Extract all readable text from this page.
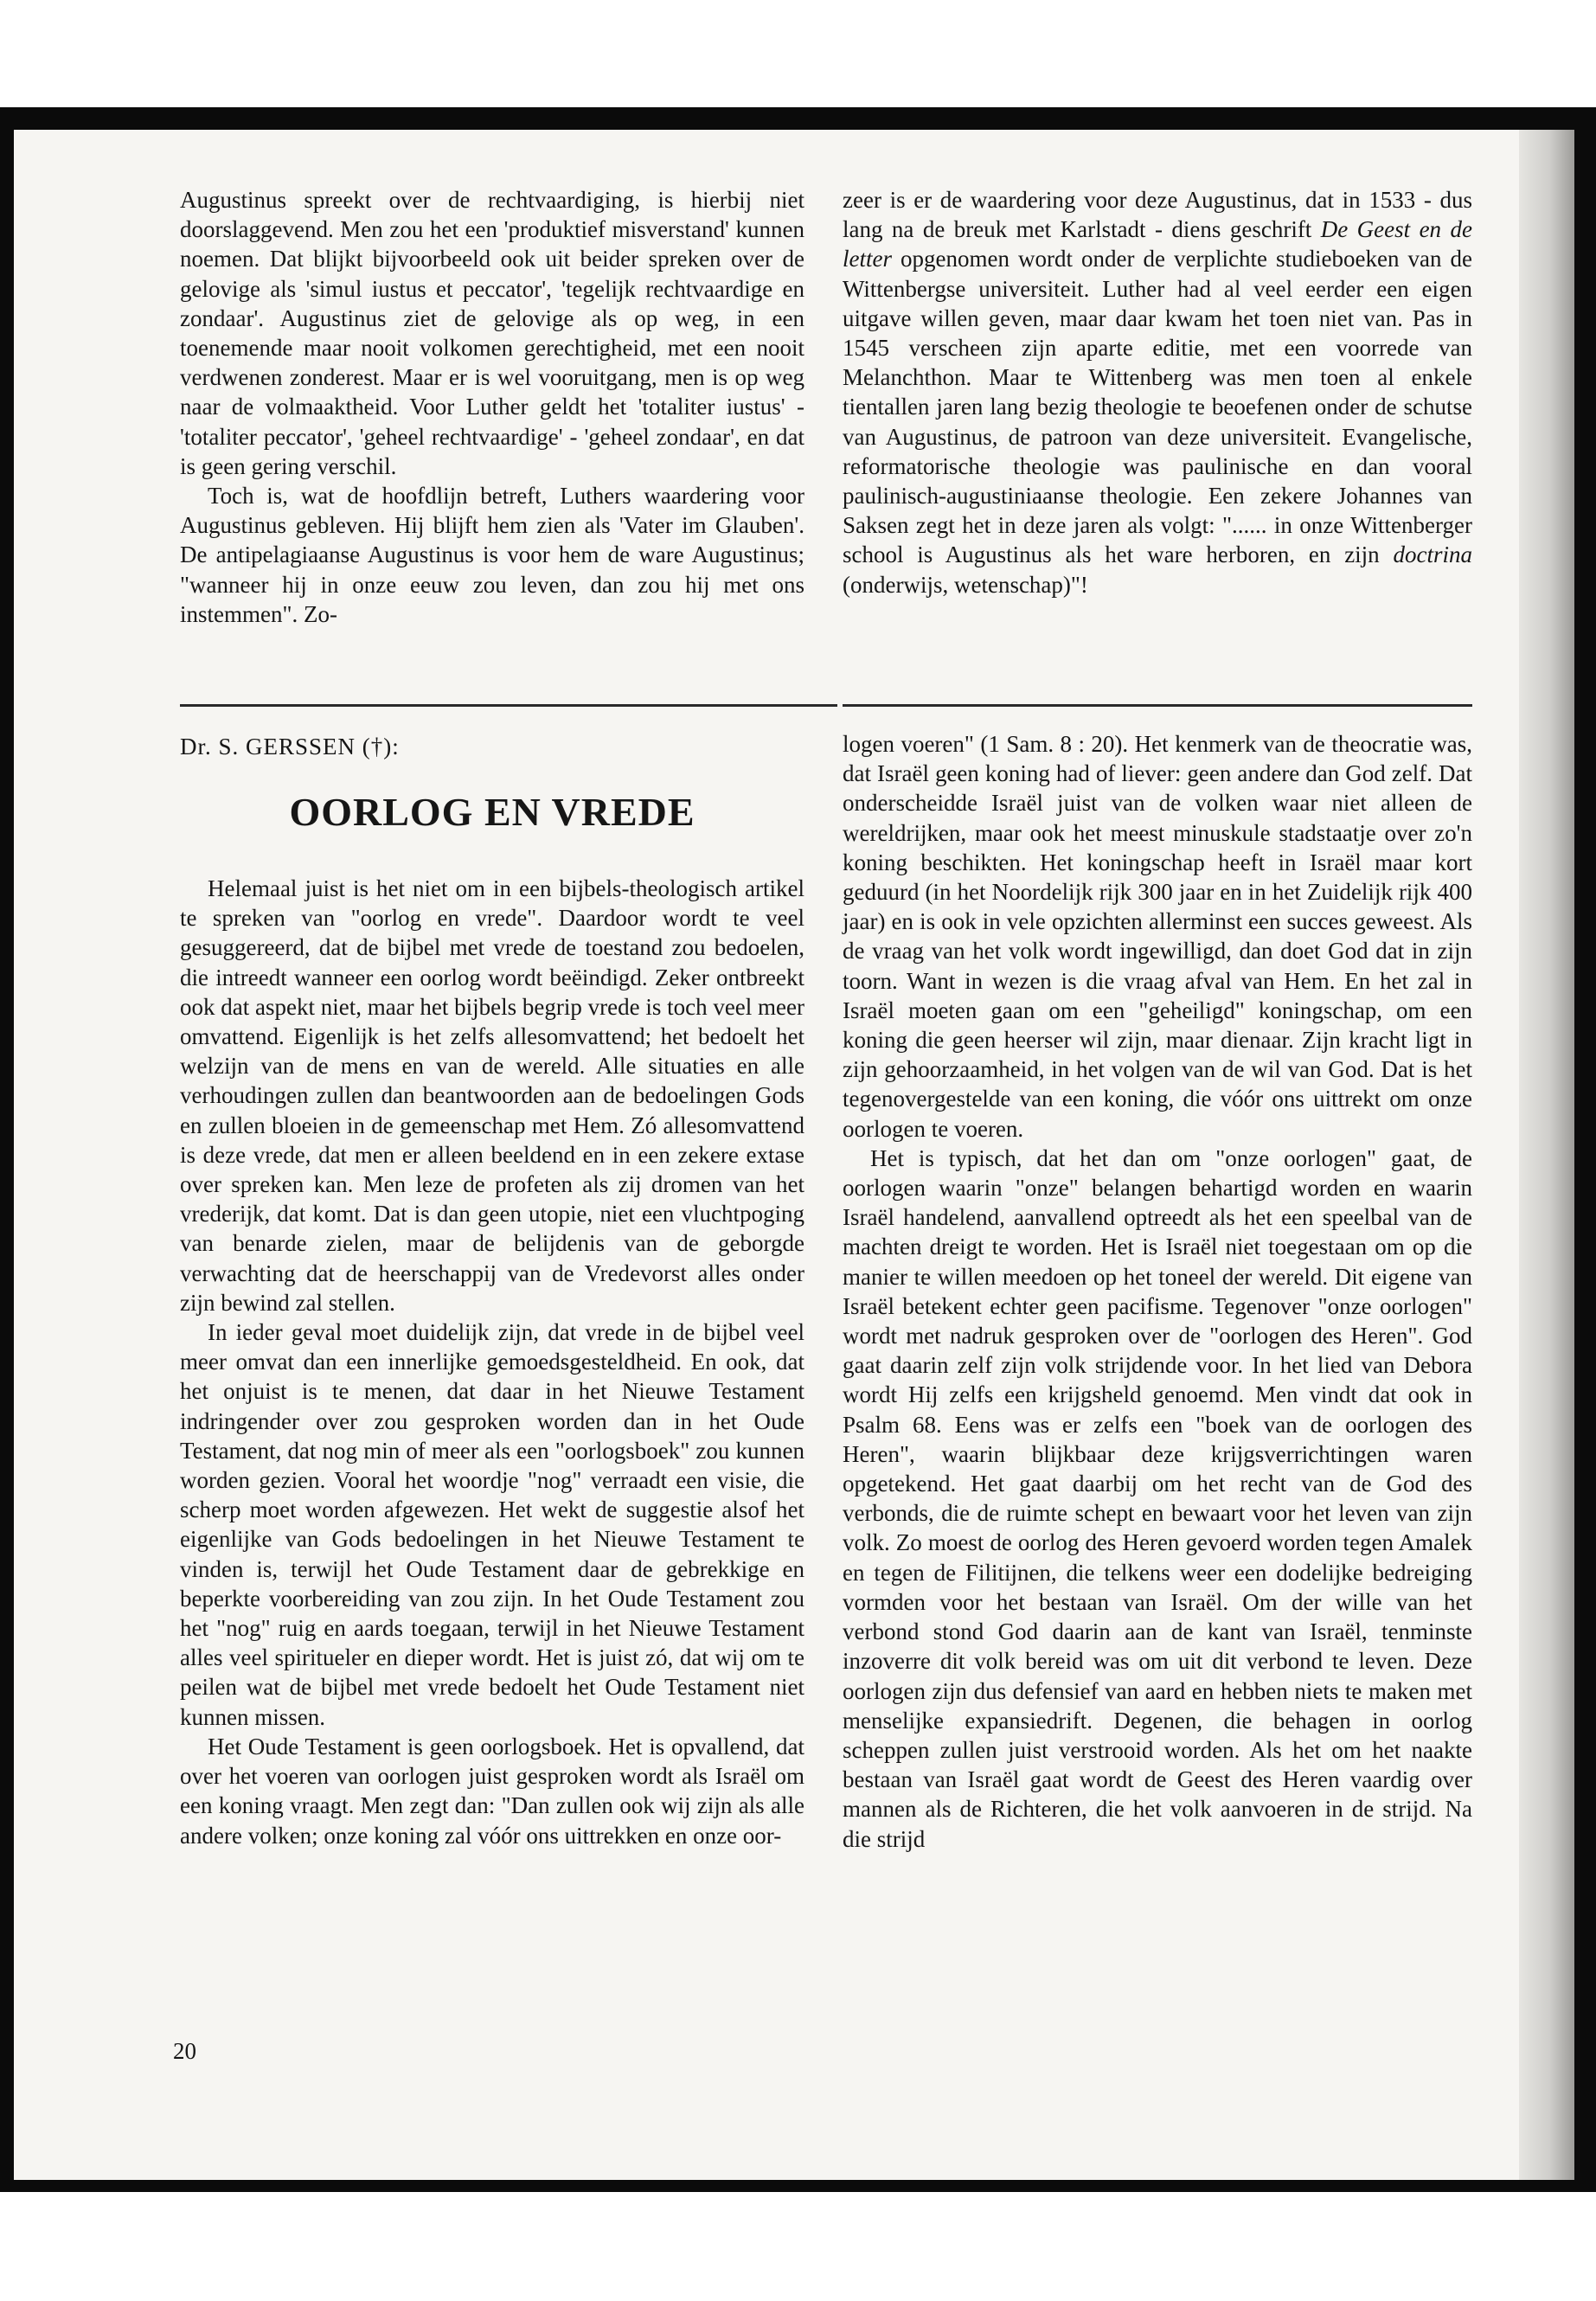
Augustinus spreekt over de rechtvaardiging, is hierbij niet doorslaggevend. Men zou het een 'produktief misverstand' kunnen noemen. Dat blijkt bijvoorbeeld ook uit beider spreken over de gelovige als 'simul iustus et peccator', 'tegelijk rechtvaardige en zondaar'. Augustinus ziet de gelovige als op weg, in een toenemende maar nooit volkomen gerechtigheid, met een nooit verdwenen zonderest. Maar er is wel vooruitgang, men is op weg naar de volmaaktheid. Voor Luther geldt het 'totaliter iustus' - 'totaliter peccator', 'geheel rechtvaardige' - 'geheel zondaar', en dat is geen gering verschil.

Toch is, wat de hoofdlijn betreft, Luthers waardering voor Augustinus gebleven. Hij blijft hem zien als 'Vater im Glauben'. De antipelagiaanse Augustinus is voor hem de ware Augustinus; "wanneer hij in onze eeuw zou leven, dan zou hij met ons instemmen". Zo-

zeer is er de waardering voor deze Augustinus, dat in 1533 - dus lang na de breuk met Karlstadt - diens geschrift De Geest en de letter opgenomen wordt onder de verplichte studieboeken van de Wittenbergse universiteit. Luther had al veel eerder een eigen uitgave willen geven, maar daar kwam het toen niet van. Pas in 1545 verscheen zijn aparte editie, met een voorrede van Melanchthon. Maar te Wittenberg was men toen al enkele tientallen jaren lang bezig theologie te beoefenen onder de schutse van Augustinus, de patroon van deze universiteit. Evangelische, reformatorische theologie was paulinische en dan vooral paulinisch-augustiniaanse theologie. Een zekere Johannes van Saksen zegt het in deze jaren als volgt: "...... in onze Wittenberger school is Augustinus als het ware herboren, en zijn doctrina (onderwijs, wetenschap)"!

Dr. S. GERSSEN (†):

OORLOG EN VREDE

Helemaal juist is het niet om in een bijbels-theologisch artikel te spreken van "oorlog en vrede". Daardoor wordt te veel gesuggereerd, dat de bijbel met vrede de toestand zou bedoelen, die intreedt wanneer een oorlog wordt beëindigd. Zeker ontbreekt ook dat aspekt niet, maar het bijbels begrip vrede is toch veel meer omvattend. Eigenlijk is het zelfs allesomvattend; het bedoelt het welzijn van de mens en van de wereld. Alle situaties en alle verhoudingen zullen dan beantwoorden aan de bedoelingen Gods en zullen bloeien in de gemeenschap met Hem. Zó allesomvattend is deze vrede, dat men er alleen beeldend en in een zekere extase over spreken kan. Men leze de profeten als zij dromen van het vrederijk, dat komt. Dat is dan geen utopie, niet een vluchtpoging van benarde zielen, maar de belijdenis van de geborgde verwachting dat de heerschappij van de Vredevorst alles onder zijn bewind zal stellen.

In ieder geval moet duidelijk zijn, dat vrede in de bijbel veel meer omvat dan een innerlijke gemoedsgesteldheid. En ook, dat het onjuist is te menen, dat daar in het Nieuwe Testament indringender over zou gesproken worden dan in het Oude Testament, dat nog min of meer als een "oorlogsboek" zou kunnen worden gezien. Vooral het woordje "nog" verraadt een visie, die scherp moet worden afgewezen. Het wekt de suggestie alsof het eigenlijke van Gods bedoelingen in het Nieuwe Testament te vinden is, terwijl het Oude Testament daar de gebrekkige en beperkte voorbereiding van zou zijn. In het Oude Testament zou het "nog" ruig en aards toegaan, terwijl in het Nieuwe Testament alles veel spiritueler en dieper wordt. Het is juist zó, dat wij om te peilen wat de bijbel met vrede bedoelt het Oude Testament niet kunnen missen.

Het Oude Testament is geen oorlogsboek. Het is opvallend, dat over het voeren van oorlogen juist gesproken wordt als Israël om een koning vraagt. Men zegt dan: "Dan zullen ook wij zijn als alle andere volken; onze koning zal vóór ons uittrekken en onze oor-

logen voeren" (1 Sam. 8 : 20). Het kenmerk van de theocratie was, dat Israël geen koning had of liever: geen andere dan God zelf. Dat onderscheidde Israël juist van de volken waar niet alleen de wereldrijken, maar ook het meest minuskule stadstaatje over zo'n koning beschikten. Het koningschap heeft in Israël maar kort geduurd (in het Noordelijk rijk 300 jaar en in het Zuidelijk rijk 400 jaar) en is ook in vele opzichten allerminst een succes geweest. Als de vraag van het volk wordt ingewilligd, dan doet God dat in zijn toorn. Want in wezen is die vraag afval van Hem. En het zal in Israël moeten gaan om een "geheiligd" koningschap, om een koning die geen heerser wil zijn, maar dienaar. Zijn kracht ligt in zijn gehoorzaamheid, in het volgen van de wil van God. Dat is het tegenovergestelde van een koning, die vóór ons uittrekt om onze oorlogen te voeren.

Het is typisch, dat het dan om "onze oorlogen" gaat, de oorlogen waarin "onze" belangen behartigd worden en waarin Israël handelend, aanvallend optreedt als het een speelbal van de machten dreigt te worden. Het is Israël niet toegestaan om op die manier te willen meedoen op het toneel der wereld. Dit eigene van Israël betekent echter geen pacifisme. Tegenover "onze oorlogen" wordt met nadruk gesproken over de "oorlogen des Heren". God gaat daarin zelf zijn volk strijdende voor. In het lied van Debora wordt Hij zelfs een krijgsheld genoemd. Men vindt dat ook in Psalm 68. Eens was er zelfs een "boek van de oorlogen des Heren", waarin blijkbaar deze krijgsverrichtingen waren opgetekend. Het gaat daarbij om het recht van de God des verbonds, die de ruimte schept en bewaart voor het leven van zijn volk. Zo moest de oorlog des Heren gevoerd worden tegen Amalek en tegen de Filitijnen, die telkens weer een dodelijke bedreiging vormden voor het bestaan van Israël. Om der wille van het verbond stond God daarin aan de kant van Israël, tenminste inzoverre dit volk bereid was om uit dit verbond te leven. Deze oorlogen zijn dus defensief van aard en hebben niets te maken met menselijke expansiedrift. Degenen, die behagen in oorlog scheppen zullen juist verstrooid worden. Als het om het naakte bestaan van Israël gaat wordt de Geest des Heren vaardig over mannen als de Richteren, die het volk aanvoeren in de strijd. Na die strijd

20
